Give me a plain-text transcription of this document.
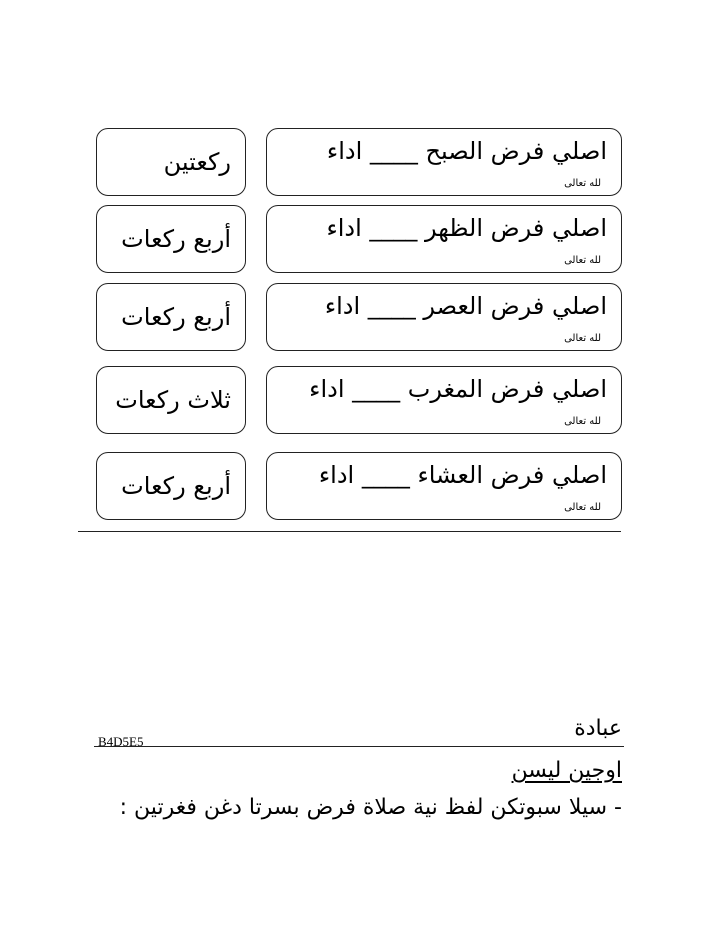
ركعتين	اصلي فرض الصبح ____ اداء
لله تعالى
أربع ركعات	اصلي فرض الظهر ____ اداء
لله تعالى
أربع ركعات	اصلي فرض العصر ____ اداء
لله تعالى
ثلاث ركعات	اصلي فرض المغرب ____ اداء
لله تعالى
أربع ركعات	اصلي فرض العشاء ____ اداء
لله تعالى
B4D5E5
عبادة
اوجين ليسن
- سيلا سبوتكن لفظ نية صلاة فرض بسرتا دغن فغرتين :
